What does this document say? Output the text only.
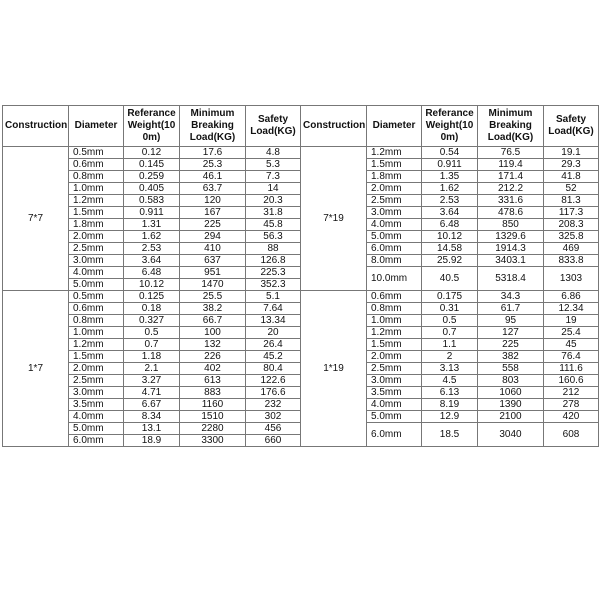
Construction	Diameter	Referance Weight(10 0m)	Minimum Breaking Load(KG)	Safety Load(KG)	Construction	Diameter	Referance Weight(10 0m)	Minimum Breaking Load(KG)	Safety Load(KG)
7*7	0.5mm	0.12	17.6	4.8	7*19	1.2mm	0.54	76.5	19.1
	0.6mm	0.145	25.3	5.3		1.5mm	0.911	119.4	29.3
	0.8mm	0.259	46.1	7.3		1.8mm	1.35	171.4	41.8
	1.0mm	0.405	63.7	14		2.0mm	1.62	212.2	52
	1.2mm	0.583	120	20.3		2.5mm	2.53	331.6	81.3
	1.5mm	0.911	167	31.8		3.0mm	3.64	478.6	117.3
	1.8mm	1.31	225	45.8		4.0mm	6.48	850	208.3
	2.0mm	1.62	294	56.3		5.0mm	10.12	1329.6	325.8
	2.5mm	2.53	410	88		6.0mm	14.58	1914.3	469
	3.0mm	3.64	637	126.8		8.0mm	25.92	3403.1	833.8
	4.0mm	6.48	951	225.3		10.0mm	40.5	5318.4	1303
	5.0mm	10.12	1470	352.3					
1*7	0.5mm	0.125	25.5	5.1	1*19	0.6mm	0.175	34.3	6.86
	0.6mm	0.18	38.2	7.64		0.8mm	0.31	61.7	12.34
	0.8mm	0.327	66.7	13.34		1.0mm	0.5	95	19
	1.0mm	0.5	100	20		1.2mm	0.7	127	25.4
	1.2mm	0.7	132	26.4		1.5mm	1.1	225	45
	1.5mm	1.18	226	45.2		2.0mm	2	382	76.4
	2.0mm	2.1	402	80.4		2.5mm	3.13	558	111.6
	2.5mm	3.27	613	122.6		3.0mm	4.5	803	160.6
	3.0mm	4.71	883	176.6		3.5mm	6.13	1060	212
	3.5mm	6.67	1160	232		4.0mm	8.19	1390	278
	4.0mm	8.34	1510	302		5.0mm	12.9	2100	420
	5.0mm	13.1	2280	456		6.0mm	18.5	3040	608
	6.0mm	18.9	3300	660					
